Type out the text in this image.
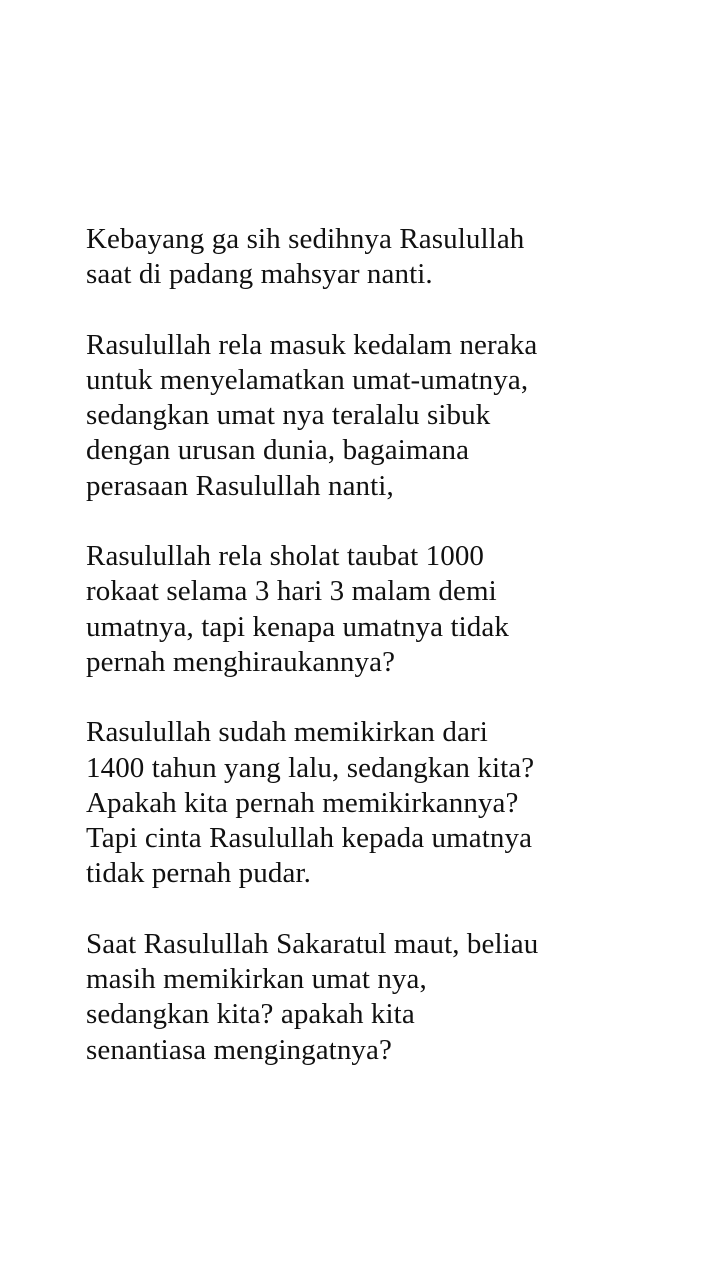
Kebayang ga sih sedihnya Rasulullah
saat di padang mahsyar nanti.

Rasulullah rela masuk kedalam neraka
untuk menyelamatkan umat-umatnya,
sedangkan umat nya teralalu sibuk
dengan urusan dunia, bagaimana
perasaan Rasulullah nanti,

Rasulullah rela sholat taubat 1000
rokaat selama 3 hari 3 malam demi
umatnya, tapi kenapa umatnya tidak
pernah menghiraukannya?

Rasulullah sudah memikirkan dari
1400 tahun yang lalu, sedangkan kita?
Apakah kita pernah memikirkannya?
Tapi cinta Rasulullah kepada umatnya
tidak pernah pudar.

Saat Rasulullah Sakaratul maut, beliau
masih memikirkan umat nya,
sedangkan kita? apakah kita
senantiasa mengingatnya?
